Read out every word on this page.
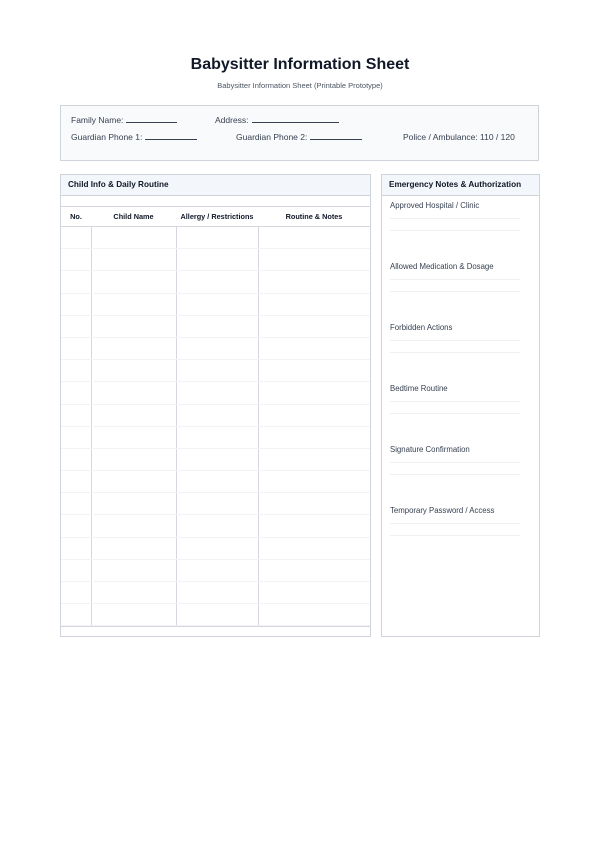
Babysitter Information Sheet
Babysitter Information Sheet (Printable Prototype)
Family Name:	Address:
Guardian Phone 1:	Guardian Phone 2:	Police / Ambulance: 110 / 120
Child Info & Daily Routine
No.	Child Name	Allergy / Restrictions	Routine & Notes

Emergency Notes & Authorization
Approved Hospital / Clinic
Allowed Medication & Dosage
Forbidden Actions
Bedtime Routine
Signature Confirmation
Temporary Password / Access
